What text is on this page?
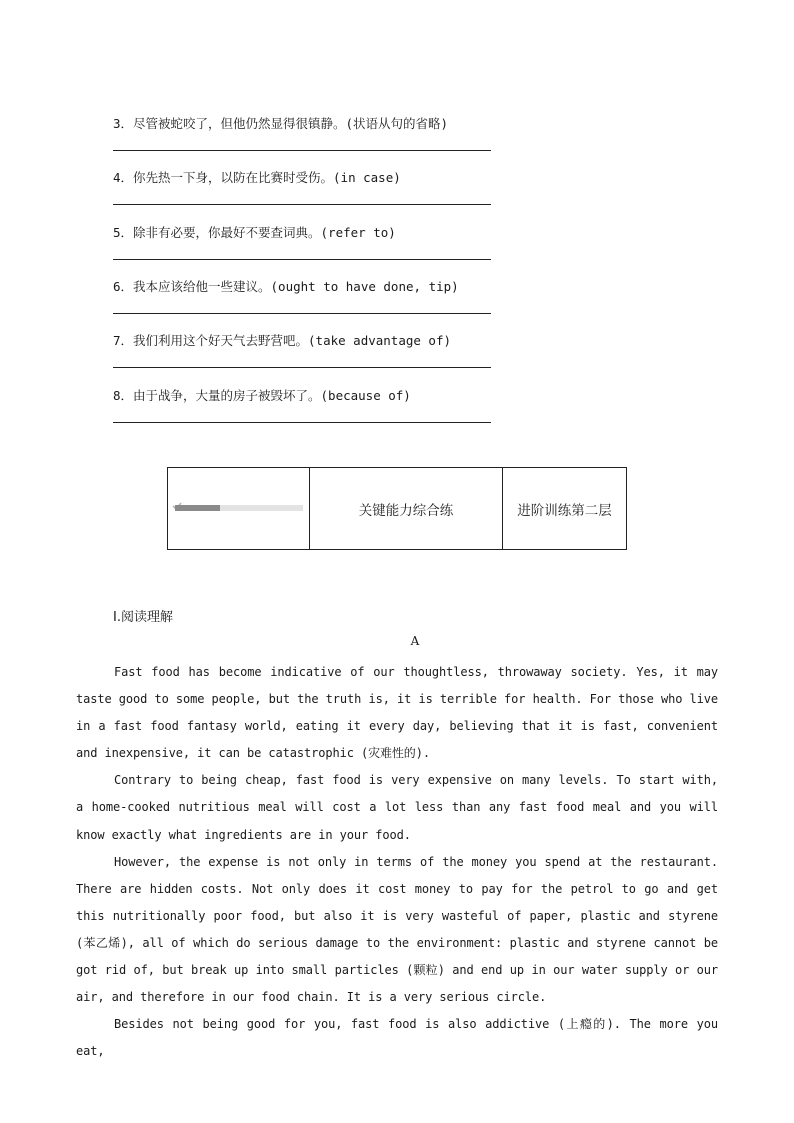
3．尽管被蛇咬了，但他仍然显得很镇静。(状语从句的省略)
4．你先热一下身，以防在比赛时受伤。(in case)
5．除非有必要，你最好不要查词典。(refer to)
6．我本应该给他一些建议。(ought to have done, tip)
7．我们利用这个好天气去野营吧。(take advantage of)
8．由于战争，大量的房子被毁坏了。(because of)
	关键能力综合练	进阶训练第二层
Ⅰ.阅读理解
A

Fast food has become indicative of our thoughtless, throwaway society. Yes, it may taste good to some people, but the truth is, it is terrible for health. For those who live in a fast food fantasy world, eating it every day, believing that it is fast, convenient and inexpensive, it can be catastrophic (灾难性的).

Contrary to being cheap, fast food is very expensive on many levels. To start with, a home-cooked nutritious meal will cost a lot less than any fast food meal and you will know exactly what ingredients are in your food.

However, the expense is not only in terms of the money you spend at the restaurant. There are hidden costs. Not only does it cost money to pay for the petrol to go and get this nutritionally poor food, but also it is very wasteful of paper, plastic and styrene (苯乙烯), all of which do serious damage to the environment: plastic and styrene cannot be got rid of, but break up into small particles (颗粒) and end up in our water supply or our air, and therefore in our food chain. It is a very serious circle.

Besides not being good for you, fast food is also addictive (上瘾的). The more you eat,
